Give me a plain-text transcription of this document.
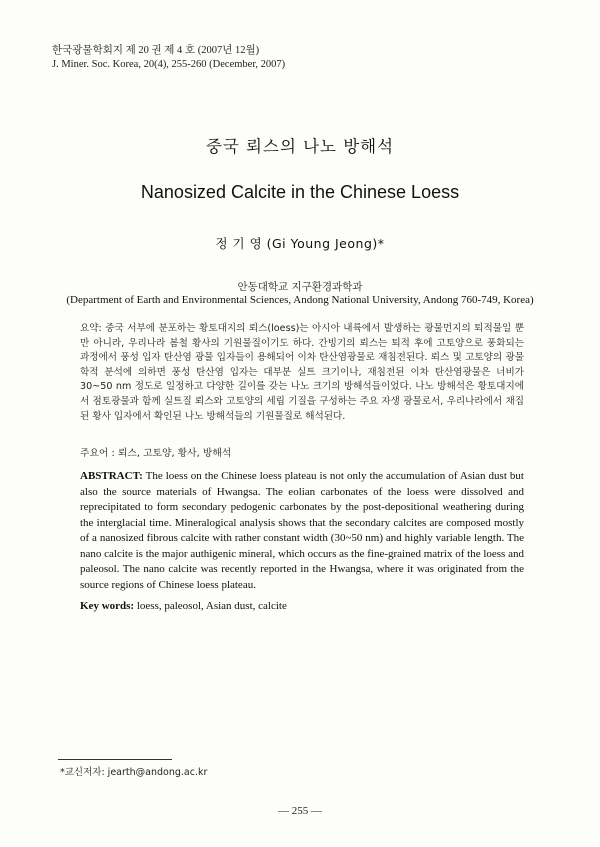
한국광물학회지 제 20 권 제 4 호 (2007년 12월)
J. Miner. Soc. Korea, 20(4), 255-260 (December, 2007)
중국 뢰스의 나노 방해석
Nanosized Calcite in the Chinese Loess
정 기 영 (Gi Young Jeong)*
안동대학교 지구환경과학과
(Department of Earth and Environmental Sciences, Andong National University, Andong 760-749, Korea)
요약: 중국 서부에 분포하는 황토대지의 뢰스(loess)는 아시아 내륙에서 발생하는 광물먼지의 퇴적물일 뿐만 아니라, 우리나라 봄철 황사의 기원물질이기도 하다. 간빙기의 뢰스는 퇴적 후에 고토양으로 풍화되는 과정에서 풍성 입자 탄산염 광물 입자들이 용해되어 이차 탄산염광물로 재침전된다. 뢰스 및 고토양의 광물학적 분석에 의하면 풍성 탄산염 입자는 대부분 실트 크기이나, 재침전된 이차 탄산염광물은 너비가 30~50 nm 정도로 일정하고 다양한 길이를 갖는 나노 크기의 방해석들이었다. 나노 방해석은 황토대지에서 점토광물과 함께 실트질 뢰스와 고토양의 세립 기질을 구성하는 주요 자생 광물로서, 우리나라에서 채집된 황사 입자에서 확인된 나노 방해석들의 기원물질로 해석된다.
주요어 : 뢰스, 고토양, 황사, 방해석
ABSTRACT: The loess on the Chinese loess plateau is not only the accumulation of Asian dust but also the source materials of Hwangsa. The eolian carbonates of the loess were dissolved and reprecipitated to form secondary pedogenic carbonates by the post-depositional weathering during the interglacial time. Mineralogical analysis shows that the secondary calcites are composed mostly of a nanosized fibrous calcite with rather constant width (30~50 nm) and highly variable length. The nano calcite is the major authigenic mineral, which occurs as the fine-grained matrix of the loess and paleosol. The nano calcite was recently reported in the Hwangsa, where it was originated from the source regions of Chinese loess plateau.
Key words: loess, paleosol, Asian dust, calcite
*교신저자: jearth@andong.ac.kr
― 255 ―
